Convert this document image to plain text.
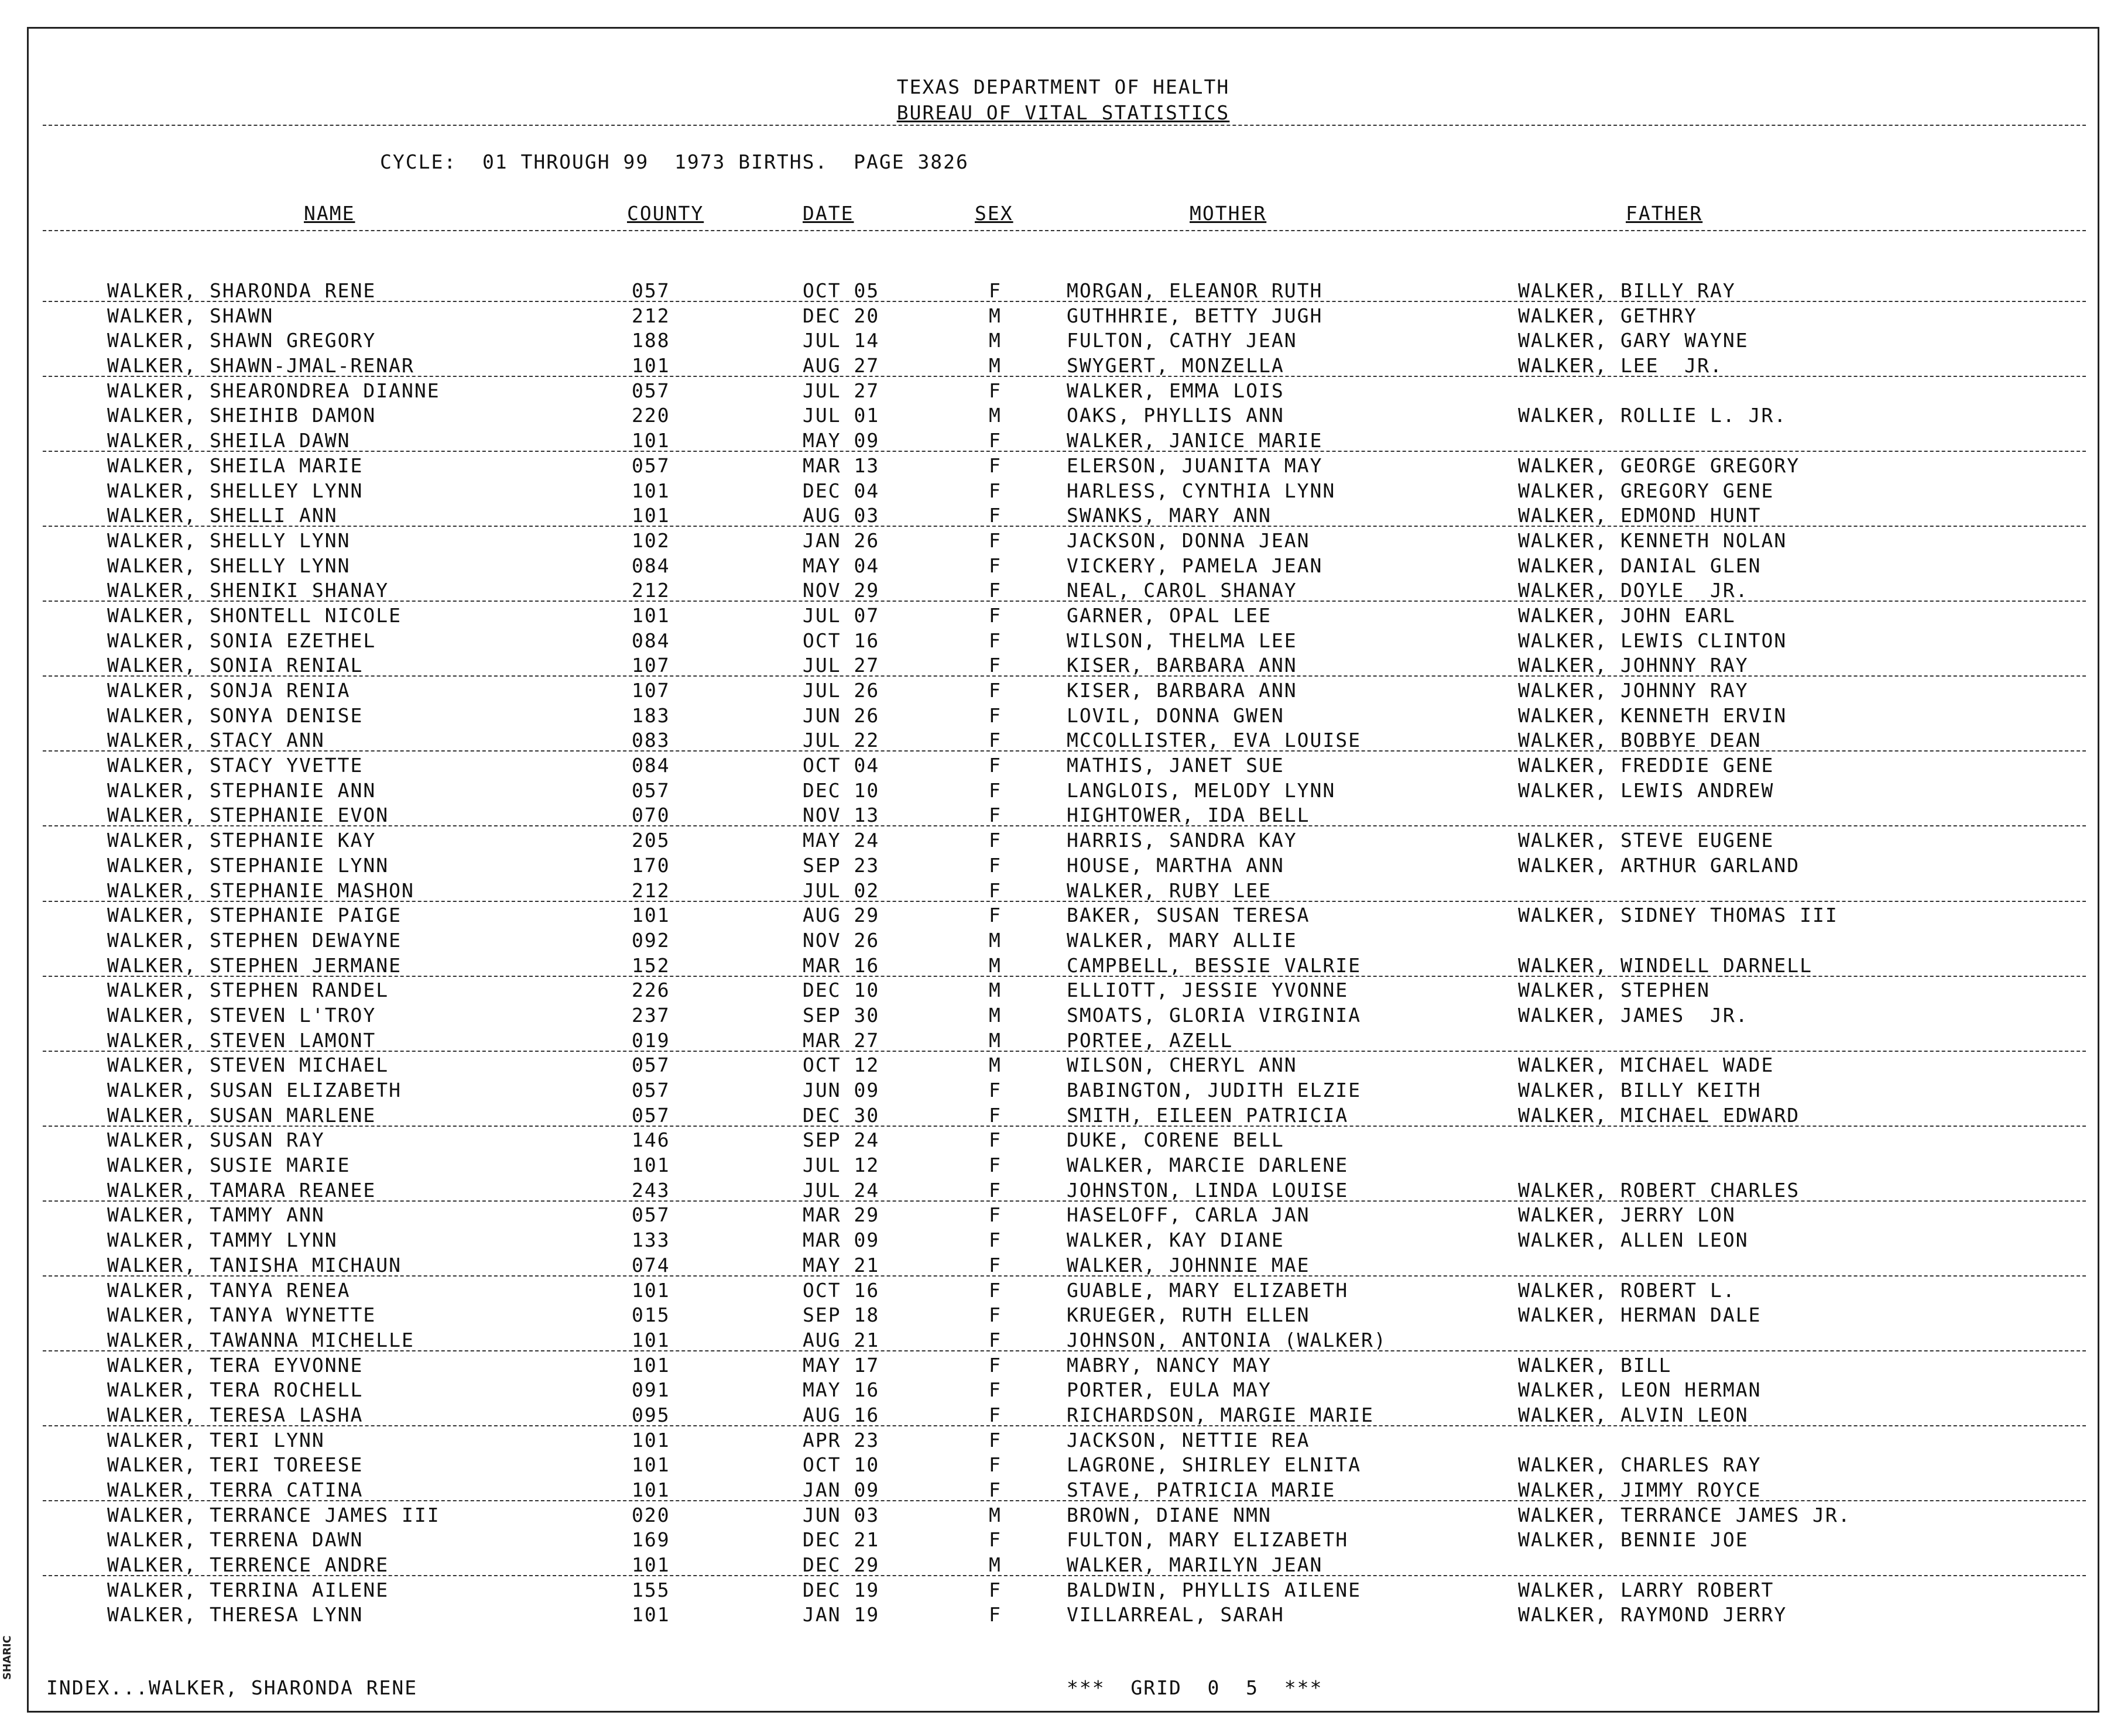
TEXAS DEPARTMENT OF HEALTH
BUREAU OF VITAL STATISTICS
CYCLE:  01 THROUGH 99  1973 BIRTHS.  PAGE 3826
NAME	COUNTY	DATE	SEX	MOTHER	FATHER
WALKER, SHARONDA RENE	057	OCT 05	F	MORGAN, ELEANOR RUTH	WALKER, BILLY RAY
WALKER, SHAWN	212	DEC 20	M	GUTHHRIE, BETTY JUGH	WALKER, GETHRY
WALKER, SHAWN GREGORY	188	JUL 14	M	FULTON, CATHY JEAN	WALKER, GARY WAYNE
WALKER, SHAWN-JMAL-RENAR	101	AUG 27	M	SWYGERT, MONZELLA	WALKER, LEE  JR.
WALKER, SHEARONDREA DIANNE	057	JUL 27	F	WALKER, EMMA LOIS
WALKER, SHEIHIB DAMON	220	JUL 01	M	OAKS, PHYLLIS ANN	WALKER, ROLLIE L. JR.
WALKER, SHEILA DAWN	101	MAY 09	F	WALKER, JANICE MARIE
WALKER, SHEILA MARIE	057	MAR 13	F	ELERSON, JUANITA MAY	WALKER, GEORGE GREGORY
WALKER, SHELLEY LYNN	101	DEC 04	F	HARLESS, CYNTHIA LYNN	WALKER, GREGORY GENE
WALKER, SHELLI ANN	101	AUG 03	F	SWANKS, MARY ANN	WALKER, EDMOND HUNT
WALKER, SHELLY LYNN	102	JAN 26	F	JACKSON, DONNA JEAN	WALKER, KENNETH NOLAN
WALKER, SHELLY LYNN	084	MAY 04	F	VICKERY, PAMELA JEAN	WALKER, DANIAL GLEN
WALKER, SHENIKI SHANAY	212	NOV 29	F	NEAL, CAROL SHANAY	WALKER, DOYLE  JR.
WALKER, SHONTELL NICOLE	101	JUL 07	F	GARNER, OPAL LEE	WALKER, JOHN EARL
WALKER, SONIA EZETHEL	084	OCT 16	F	WILSON, THELMA LEE	WALKER, LEWIS CLINTON
WALKER, SONIA RENIAL	107	JUL 27	F	KISER, BARBARA ANN	WALKER, JOHNNY RAY
WALKER, SONJA RENIA	107	JUL 26	F	KISER, BARBARA ANN	WALKER, JOHNNY RAY
WALKER, SONYA DENISE	183	JUN 26	F	LOVIL, DONNA GWEN	WALKER, KENNETH ERVIN
WALKER, STACY ANN	083	JUL 22	F	MCCOLLISTER, EVA LOUISE	WALKER, BOBBYE DEAN
WALKER, STACY YVETTE	084	OCT 04	F	MATHIS, JANET SUE	WALKER, FREDDIE GENE
WALKER, STEPHANIE ANN	057	DEC 10	F	LANGLOIS, MELODY LYNN	WALKER, LEWIS ANDREW
WALKER, STEPHANIE EVON	070	NOV 13	F	HIGHTOWER, IDA BELL
WALKER, STEPHANIE KAY	205	MAY 24	F	HARRIS, SANDRA KAY	WALKER, STEVE EUGENE
WALKER, STEPHANIE LYNN	170	SEP 23	F	HOUSE, MARTHA ANN	WALKER, ARTHUR GARLAND
WALKER, STEPHANIE MASHON	212	JUL 02	F	WALKER, RUBY LEE
WALKER, STEPHANIE PAIGE	101	AUG 29	F	BAKER, SUSAN TERESA	WALKER, SIDNEY THOMAS III
WALKER, STEPHEN DEWAYNE	092	NOV 26	M	WALKER, MARY ALLIE
WALKER, STEPHEN JERMANE	152	MAR 16	M	CAMPBELL, BESSIE VALRIE	WALKER, WINDELL DARNELL
WALKER, STEPHEN RANDEL	226	DEC 10	M	ELLIOTT, JESSIE YVONNE	WALKER, STEPHEN
WALKER, STEVEN L'TROY	237	SEP 30	M	SMOATS, GLORIA VIRGINIA	WALKER, JAMES  JR.
WALKER, STEVEN LAMONT	019	MAR 27	M	PORTEE, AZELL
WALKER, STEVEN MICHAEL	057	OCT 12	M	WILSON, CHERYL ANN	WALKER, MICHAEL WADE
WALKER, SUSAN ELIZABETH	057	JUN 09	F	BABINGTON, JUDITH ELZIE	WALKER, BILLY KEITH
WALKER, SUSAN MARLENE	057	DEC 30	F	SMITH, EILEEN PATRICIA	WALKER, MICHAEL EDWARD
WALKER, SUSAN RAY	146	SEP 24	F	DUKE, CORENE BELL
WALKER, SUSIE MARIE	101	JUL 12	F	WALKER, MARCIE DARLENE
WALKER, TAMARA REANEE	243	JUL 24	F	JOHNSTON, LINDA LOUISE	WALKER, ROBERT CHARLES
WALKER, TAMMY ANN	057	MAR 29	F	HASELOFF, CARLA JAN	WALKER, JERRY LON
WALKER, TAMMY LYNN	133	MAR 09	F	WALKER, KAY DIANE	WALKER, ALLEN LEON
WALKER, TANISHA MICHAUN	074	MAY 21	F	WALKER, JOHNNIE MAE
WALKER, TANYA RENEA	101	OCT 16	F	GUABLE, MARY ELIZABETH	WALKER, ROBERT L.
WALKER, TANYA WYNETTE	015	SEP 18	F	KRUEGER, RUTH ELLEN	WALKER, HERMAN DALE
WALKER, TAWANNA MICHELLE	101	AUG 21	F	JOHNSON, ANTONIA (WALKER)
WALKER, TERA EYVONNE	101	MAY 17	F	MABRY, NANCY MAY	WALKER, BILL
WALKER, TERA ROCHELL	091	MAY 16	F	PORTER, EULA MAY	WALKER, LEON HERMAN
WALKER, TERESA LASHA	095	AUG 16	F	RICHARDSON, MARGIE MARIE	WALKER, ALVIN LEON
WALKER, TERI LYNN	101	APR 23	F	JACKSON, NETTIE REA
WALKER, TERI TOREESE	101	OCT 10	F	LAGRONE, SHIRLEY ELNITA	WALKER, CHARLES RAY
WALKER, TERRA CATINA	101	JAN 09	F	STAVE, PATRICIA MARIE	WALKER, JIMMY ROYCE
WALKER, TERRANCE JAMES III	020	JUN 03	M	BROWN, DIANE NMN	WALKER, TERRANCE JAMES JR.
WALKER, TERRENA DAWN	169	DEC 21	F	FULTON, MARY ELIZABETH	WALKER, BENNIE JOE
WALKER, TERRENCE ANDRE	101	DEC 29	M	WALKER, MARILYN JEAN
WALKER, TERRINA AILENE	155	DEC 19	F	BALDWIN, PHYLLIS AILENE	WALKER, LARRY ROBERT
WALKER, THERESA LYNN	101	JAN 19	F	VILLARREAL, SARAH	WALKER, RAYMOND JERRY
INDEX...WALKER, SHARONDA RENE	***  GRID  0  5  ***
SHARIC
